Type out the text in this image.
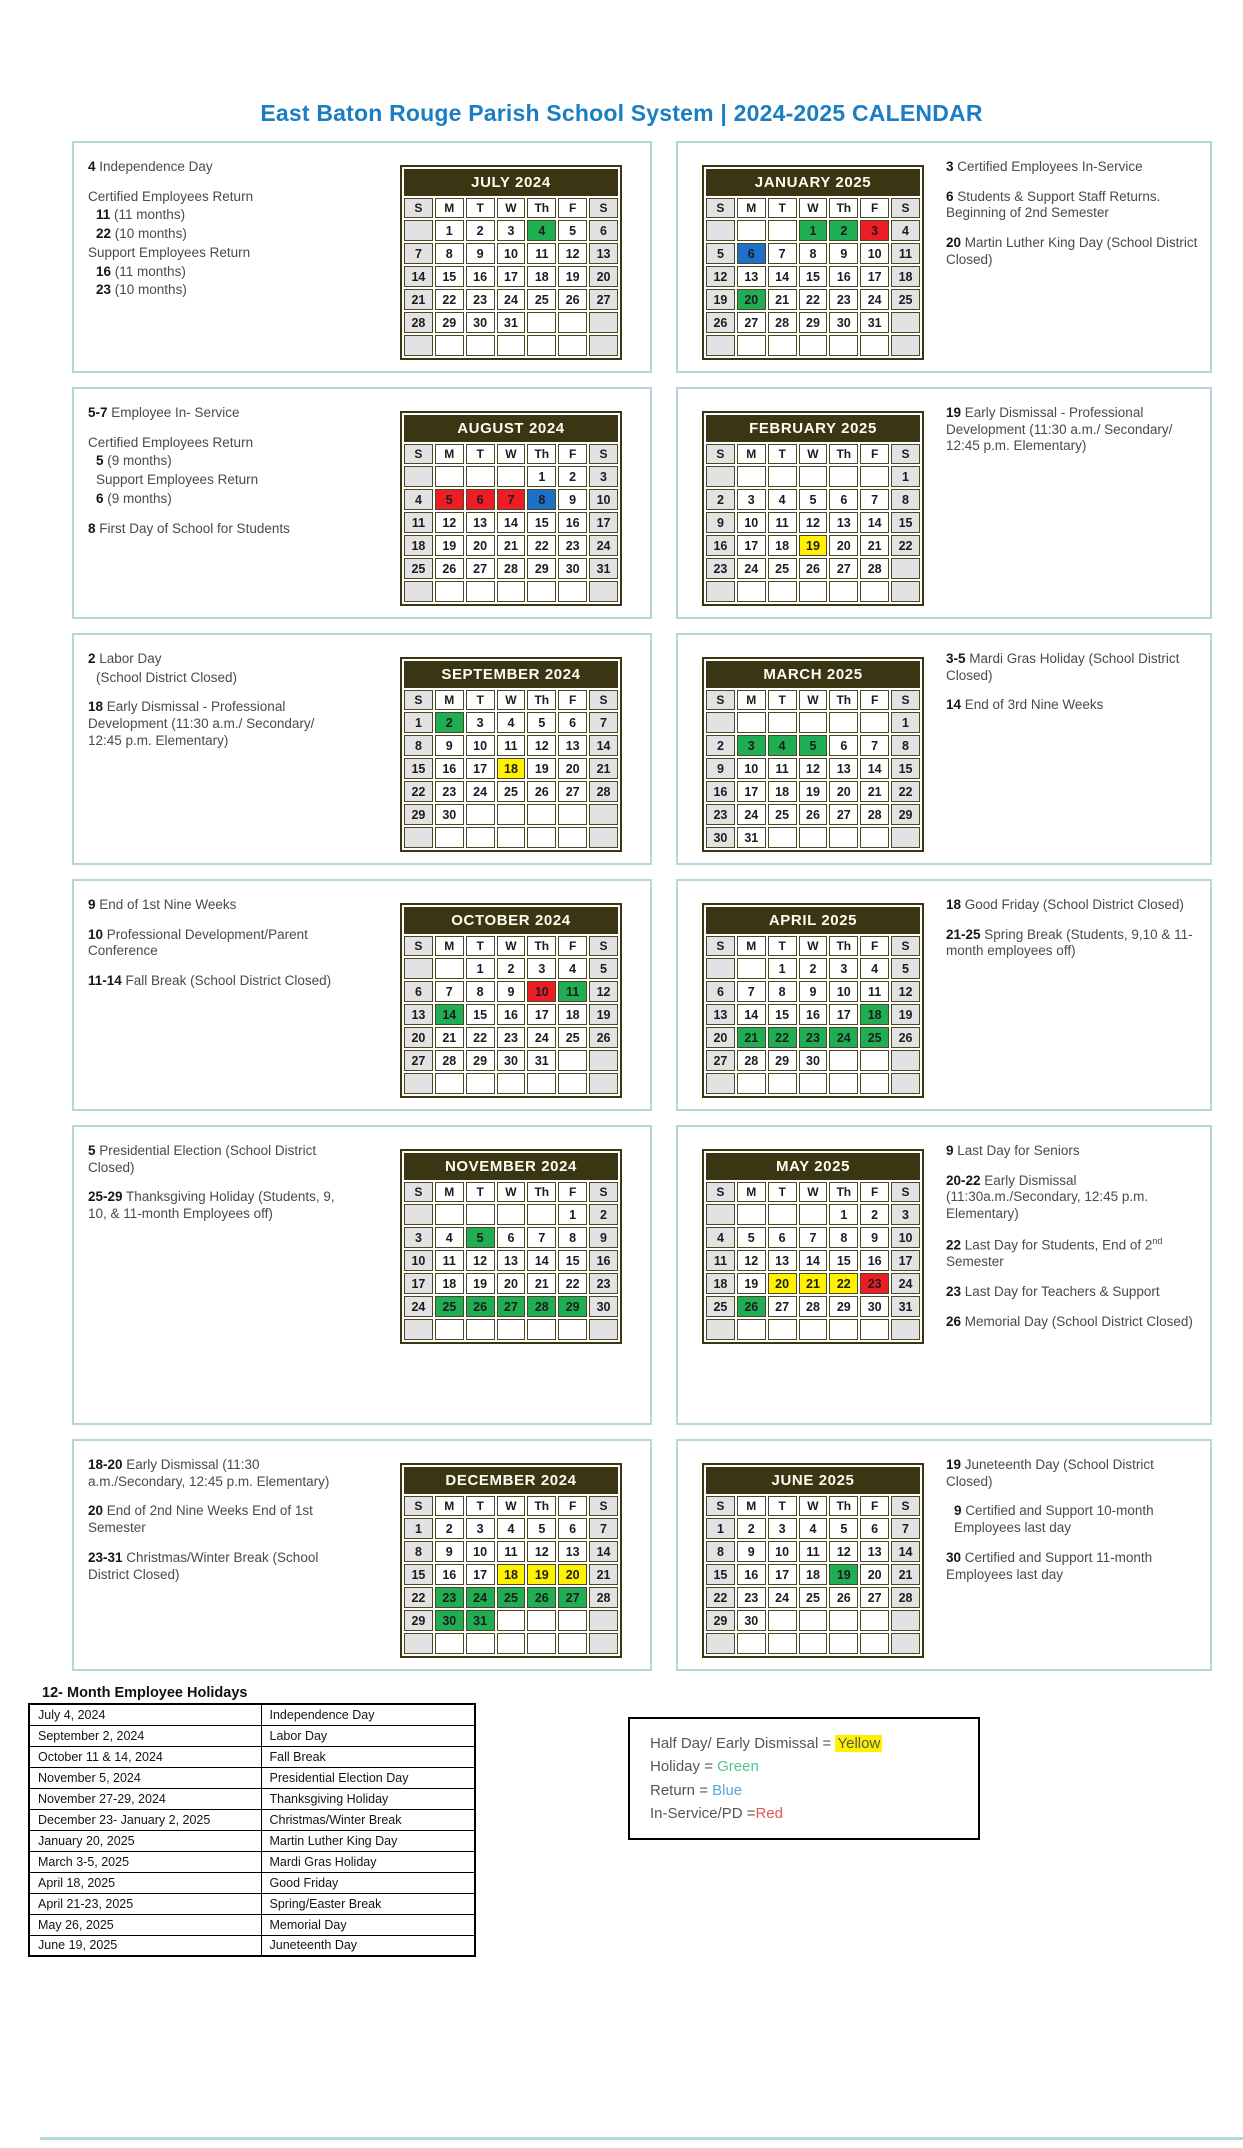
East Baton Rouge Parish School System | 2024-2025 CALENDAR
4 Independence Day
Certified Employees Return
11 (11 months)
22 (10 months)
Support Employees Return
16 (11 months)
23 (10 months)
JULY 2024						
S	M	T	W	Th	F	S
	1	2	3	4	5	6
7	8	9	10	11	12	13
14	15	16	17	18	19	20
21	22	23	24	25	26	27
28	29	30	31			

JANUARY 2025						
S	M	T	W	Th	F	S
			1	2	3	4
5	6	7	8	9	10	11
12	13	14	15	16	17	18
19	20	21	22	23	24	25
26	27	28	29	30	31	

3 Certified Employees In-Service
6 Students & Support Staff Returns. Beginning of 2nd Semester
20 Martin Luther King Day (School District Closed)
5-7 Employee In- Service
Certified Employees Return
5 (9 months)
Support Employees Return
6 (9 months)
8 First Day of School for Students
AUGUST 2024						
S	M	T	W	Th	F	S
				1	2	3
4	5	6	7	8	9	10
11	12	13	14	15	16	17
18	19	20	21	22	23	24
25	26	27	28	29	30	31

FEBRUARY 2025						
S	M	T	W	Th	F	S
						1
2	3	4	5	6	7	8
9	10	11	12	13	14	15
16	17	18	19	20	21	22
23	24	25	26	27	28	

19 Early Dismissal - Professional Development (11:30 a.m./ Secondary/ 12:45 p.m. Elementary)
2 Labor Day
(School District Closed)
18 Early Dismissal - Professional Development (11:30 a.m./ Secondary/ 12:45 p.m. Elementary)
SEPTEMBER 2024						
S	M	T	W	Th	F	S
1	2	3	4	5	6	7
8	9	10	11	12	13	14
15	16	17	18	19	20	21
22	23	24	25	26	27	28
29	30					

MARCH 2025						
S	M	T	W	Th	F	S
						1
2	3	4	5	6	7	8
9	10	11	12	13	14	15
16	17	18	19	20	21	22
23	24	25	26	27	28	29
30	31					
3-5 Mardi Gras Holiday (School District Closed)
14 End of 3rd Nine Weeks
9 End of 1st Nine Weeks
10 Professional Development/Parent Conference
11-14 Fall Break (School District Closed)
OCTOBER 2024						
S	M	T	W	Th	F	S
		1	2	3	4	5
6	7	8	9	10	11	12
13	14	15	16	17	18	19
20	21	22	23	24	25	26
27	28	29	30	31		

APRIL 2025						
S	M	T	W	Th	F	S
		1	2	3	4	5
6	7	8	9	10	11	12
13	14	15	16	17	18	19
20	21	22	23	24	25	26
27	28	29	30			

18 Good Friday (School District Closed)
21-25 Spring Break (Students, 9,10 & 11- month employees off)
5 Presidential Election (School District Closed)
25-29 Thanksgiving Holiday (Students, 9, 10, & 11-month Employees off)
NOVEMBER 2024						
S	M	T	W	Th	F	S
					1	2
3	4	5	6	7	8	9
10	11	12	13	14	15	16
17	18	19	20	21	22	23
24	25	26	27	28	29	30

MAY 2025						
S	M	T	W	Th	F	S
				1	2	3
4	5	6	7	8	9	10
11	12	13	14	15	16	17
18	19	20	21	22	23	24
25	26	27	28	29	30	31

9 Last Day for Seniors
20-22 Early Dismissal (11:30a.m./Secondary, 12:45 p.m. Elementary)
22 Last Day for Students, End of 2nd Semester
23 Last Day for Teachers & Support
26 Memorial Day (School District Closed)
18-20 Early Dismissal (11:30 a.m./Secondary, 12:45 p.m. Elementary)
20 End of 2nd Nine Weeks End of 1st Semester
23-31 Christmas/Winter Break (School District Closed)
DECEMBER 2024						
S	M	T	W	Th	F	S
1	2	3	4	5	6	7
8	9	10	11	12	13	14
15	16	17	18	19	20	21
22	23	24	25	26	27	28
29	30	31				

JUNE 2025						
S	M	T	W	Th	F	S
1	2	3	4	5	6	7
8	9	10	11	12	13	14
15	16	17	18	19	20	21
22	23	24	25	26	27	28
29	30					

19 Juneteenth Day (School District Closed)
9 Certified and Support 10-month Employees last day
30 Certified and Support 11-month Employees last day
12- Month Employee Holidays
July 4, 2024	Independence Day
September 2, 2024	Labor Day
October 11 & 14, 2024	Fall Break
November 5, 2024	Presidential Election Day
November 27-29, 2024	Thanksgiving Holiday
December 23- January 2, 2025	Christmas/Winter Break
January 20, 2025	Martin Luther King Day
March 3-5, 2025	Mardi Gras Holiday
April 18, 2025	Good Friday
April 21-23, 2025	Spring/Easter Break
May 26, 2025	Memorial Day
June 19, 2025	Juneteenth Day
Half Day/ Early Dismissal = Yellow
Holiday = Green
Return = Blue
In-Service/PD =Red
